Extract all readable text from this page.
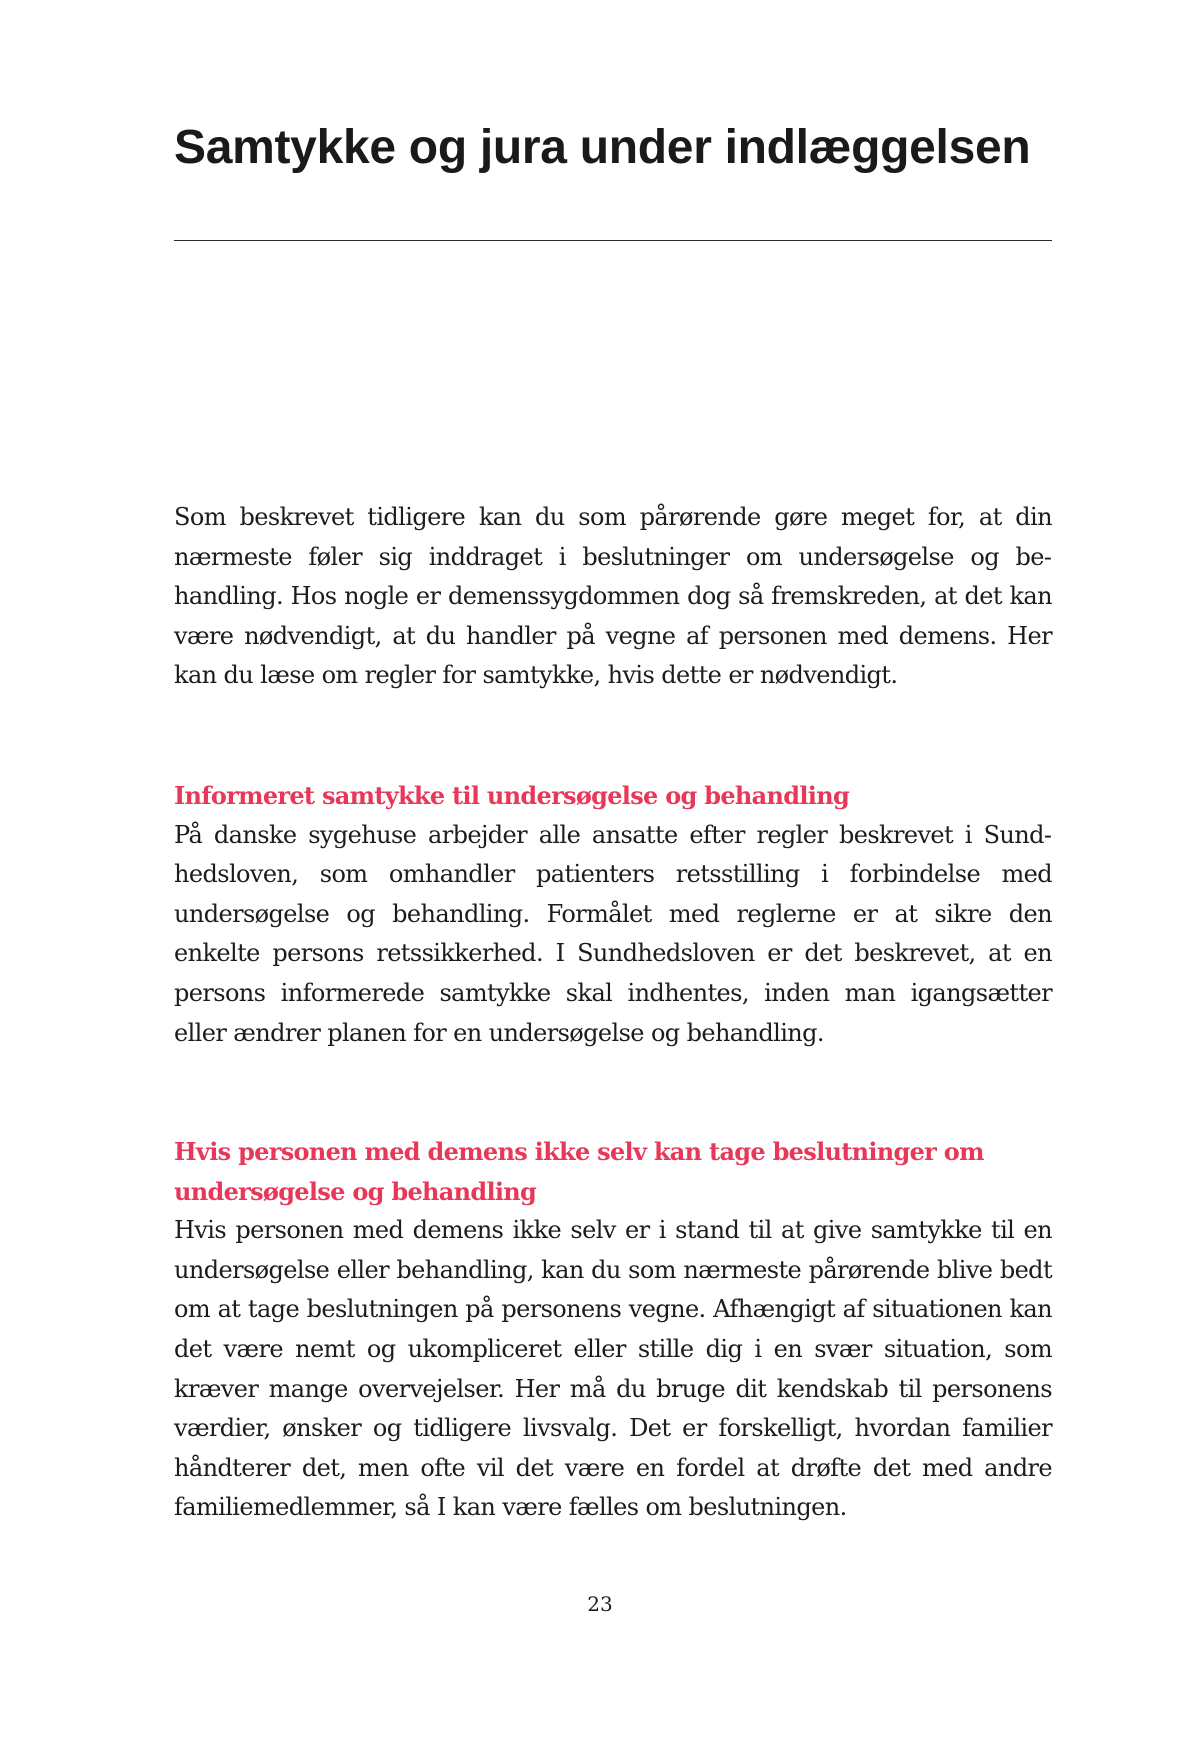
Samtykke og jura under indlæggelsen

Som beskrevet tidligere kan du som pårørende gøre meget for, at din nærmeste føler sig inddraget i beslutninger om undersøgelse og behandling. Hos nogle er demenssygdommen dog så fremskreden, at det kan være nødvendigt, at du handler på vegne af personen med demens. Her kan du læse om regler for samtykke, hvis dette er nødvendigt.

Informeret samtykke til undersøgelse og behandling

På danske sygehuse arbejder alle ansatte efter regler beskrevet i Sundhedsloven, som omhandler patienters retsstilling i forbindelse med undersøgelse og behandling. Formålet med reglerne er at sikre den enkelte persons retssikkerhed. I Sundhedsloven er det beskrevet, at en persons informerede samtykke skal indhentes, inden man igangsætter eller ændrer planen for en undersøgelse og behandling.

Hvis personen med demens ikke selv kan tage beslutninger om undersøgelse og behandling

Hvis personen med demens ikke selv er i stand til at give samtykke til en undersøgelse eller behandling, kan du som nærmeste pårørende blive bedt om at tage beslutningen på personens vegne. Afhængigt af situationen kan det være nemt og ukompliceret eller stille dig i en svær situation, som kræver mange overvejelser. Her må du bruge dit kendskab til personens værdier, ønsker og tidligere livsvalg. Det er forskelligt, hvordan familier håndterer det, men ofte vil det være en fordel at drøfte det med andre familiemedlemmer, så I kan være fælles om beslutningen.

23
